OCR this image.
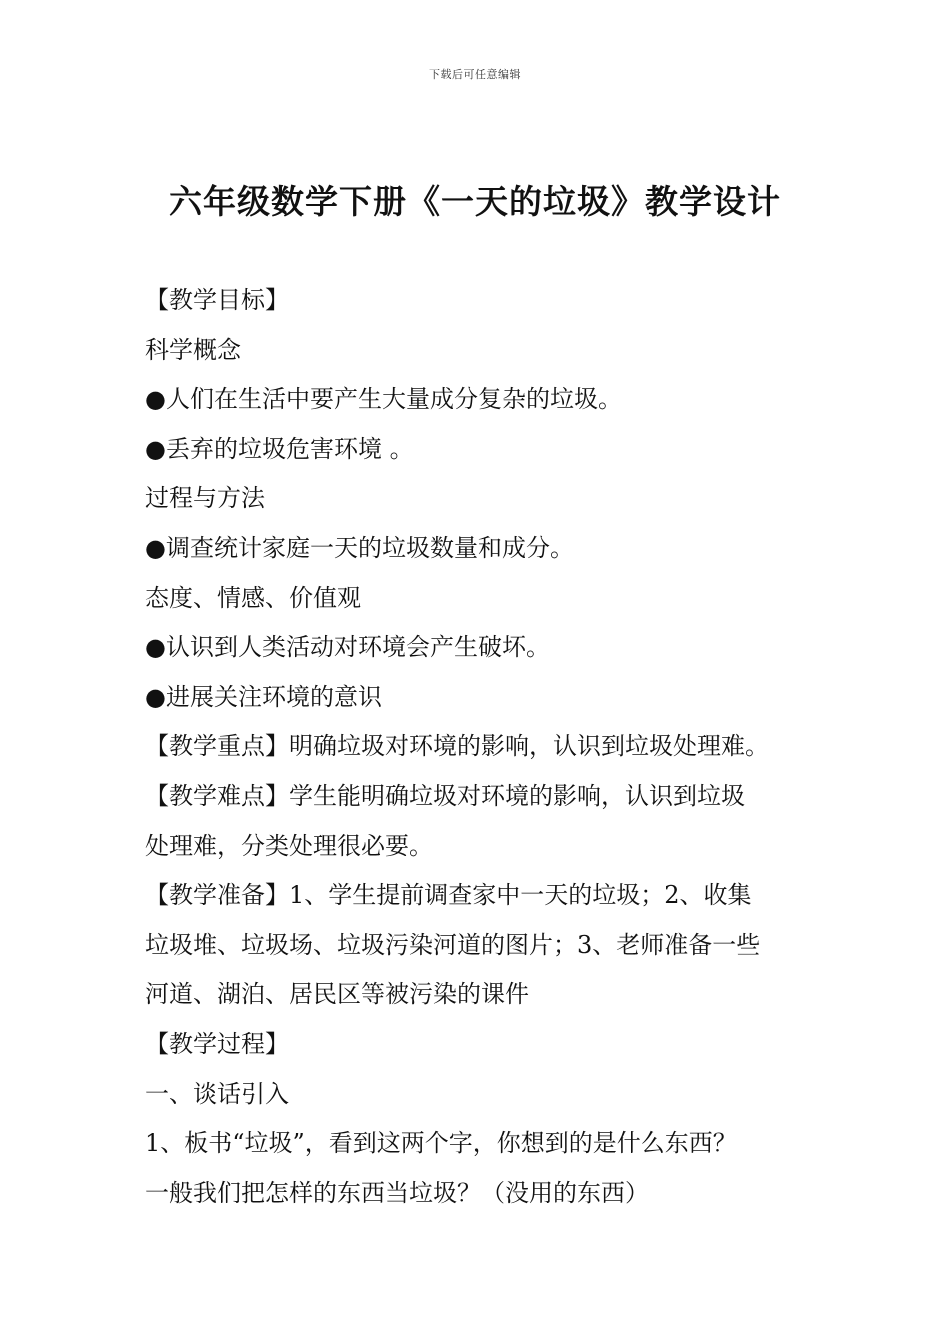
下载后可任意编辑
六年级数学下册《一天的垃圾》教学设计
【教学目标】
科学概念
●人们在生活中要产生大量成分复杂的垃圾。
●丢弃的垃圾危害环境 。
过程与方法
●调查统计家庭一天的垃圾数量和成分。
态度、情感、价值观
●认识到人类活动对环境会产生破坏。
●进展关注环境的意识
【教学重点】明确垃圾对环境的影响，认识到垃圾处理难。
【教学难点】学生能明确垃圾对环境的影响，认识到垃圾
处理难，分类处理很必要。
【教学准备】1、学生提前调查家中一天的垃圾；2、收集
垃圾堆、垃圾场、垃圾污染河道的图片；3、老师准备一些
河道、湖泊、居民区等被污染的课件
【教学过程】
一、谈话引入
1、板书“垃圾”，看到这两个字，你想到的是什么东西？
一般我们把怎样的东西当垃圾？（没用的东西）
